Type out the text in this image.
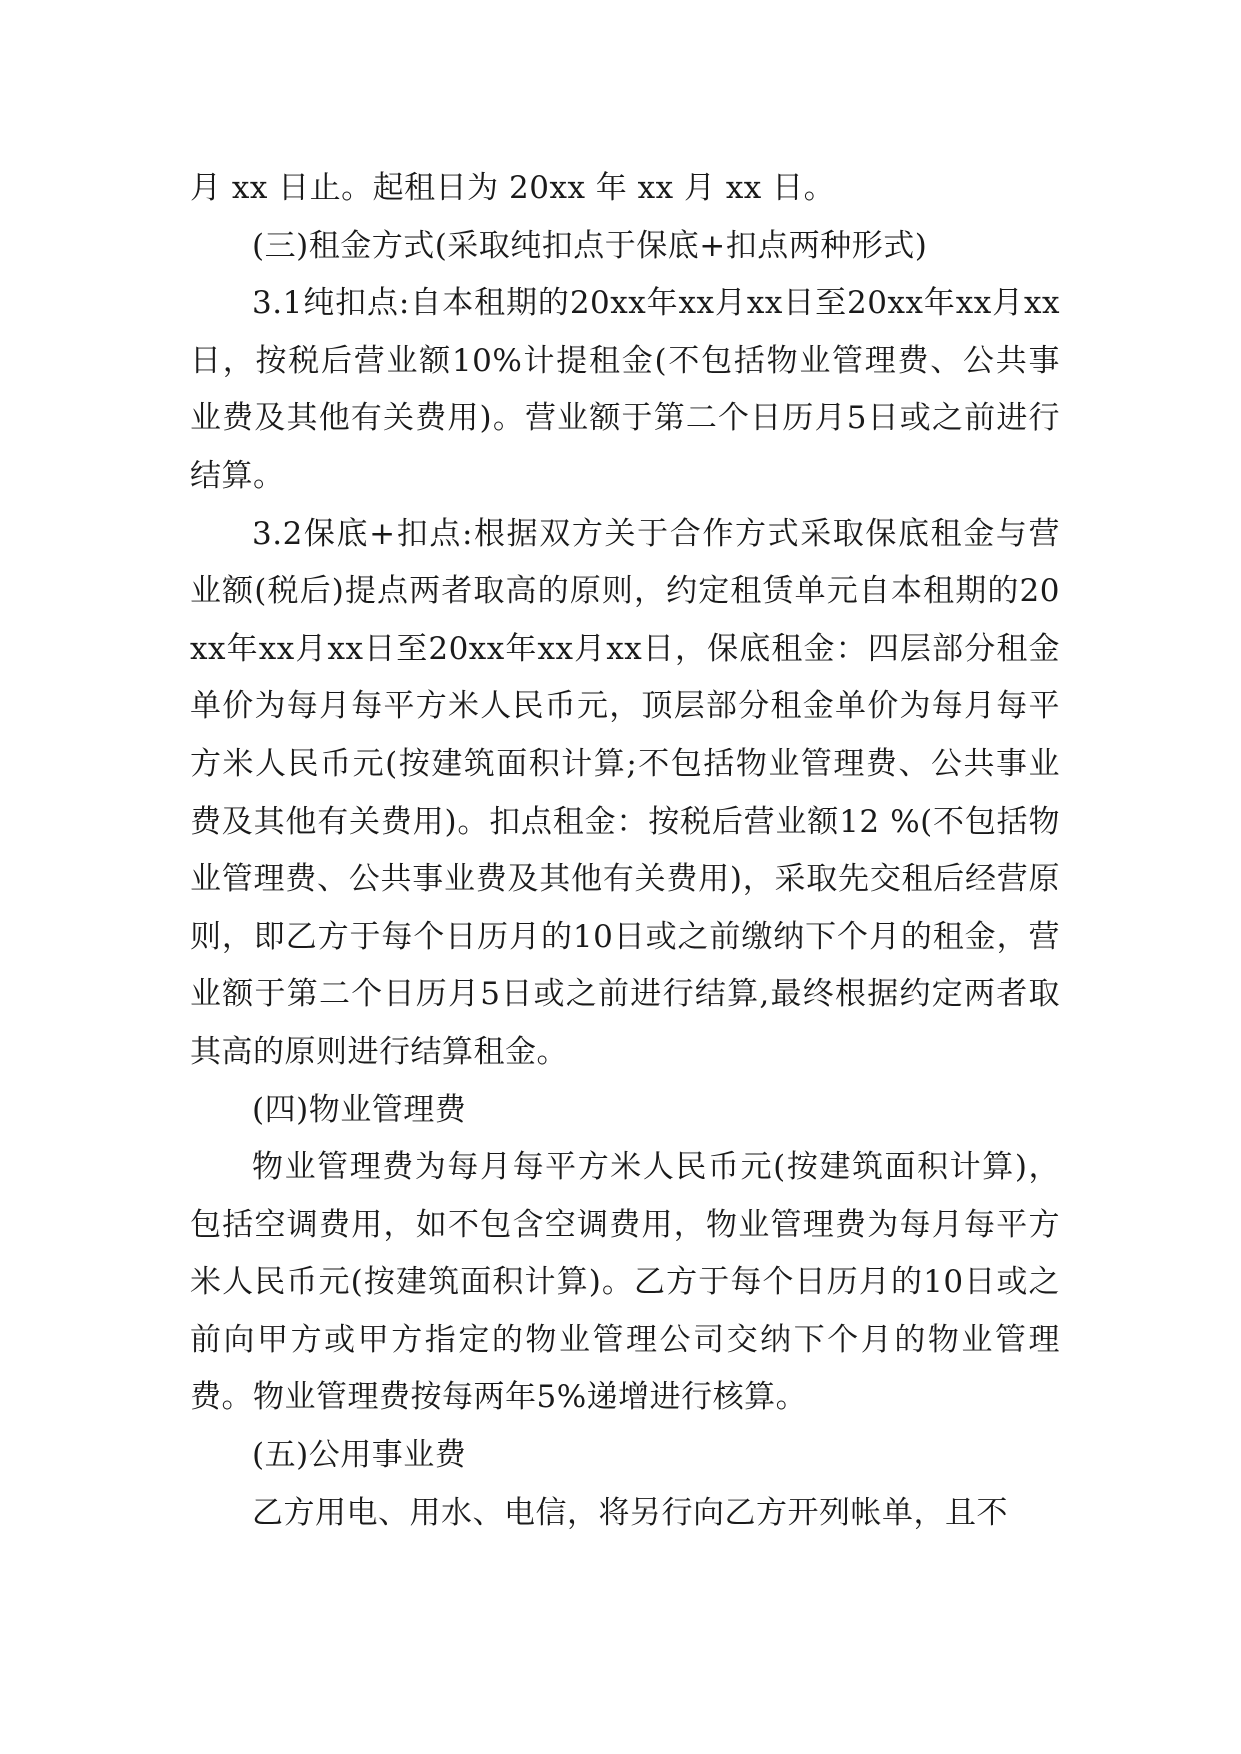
月 xx 日止。起租日为 20xx 年 xx 月 xx 日。

(三)租金方式(采取纯扣点于保底+扣点两种形式)

3.1纯扣点:自本租期的20xx年xx月xx日至20xx年xx月xx日，按税后营业额10%计提租金(不包括物业管理费、公共事业费及其他有关费用)。营业额于第二个日历月5日或之前进行结算。

3.2保底+扣点:根据双方关于合作方式采取保底租金与营业额(税后)提点两者取高的原则，约定租赁单元自本租期的20xx年xx月xx日至20xx年xx月xx日，保底租金：四层部分租金单价为每月每平方米人民币元，顶层部分租金单价为每月每平方米人民币元(按建筑面积计算;不包括物业管理费、公共事业费及其他有关费用)。扣点租金：按税后营业额12 %(不包括物业管理费、公共事业费及其他有关费用)，采取先交租后经营原则，即乙方于每个日历月的10日或之前缴纳下个月的租金，营业额于第二个日历月5日或之前进行结算,最终根据约定两者取其高的原则进行结算租金。

(四)物业管理费

物业管理费为每月每平方米人民币元(按建筑面积计算)，包括空调费用，如不包含空调费用，物业管理费为每月每平方米人民币元(按建筑面积计算)。乙方于每个日历月的10日或之前向甲方或甲方指定的物业管理公司交纳下个月的物业管理费。物业管理费按每两年5%递增进行核算。

(五)公用事业费

乙方用电、用水、电信，将另行向乙方开列帐单，且不
